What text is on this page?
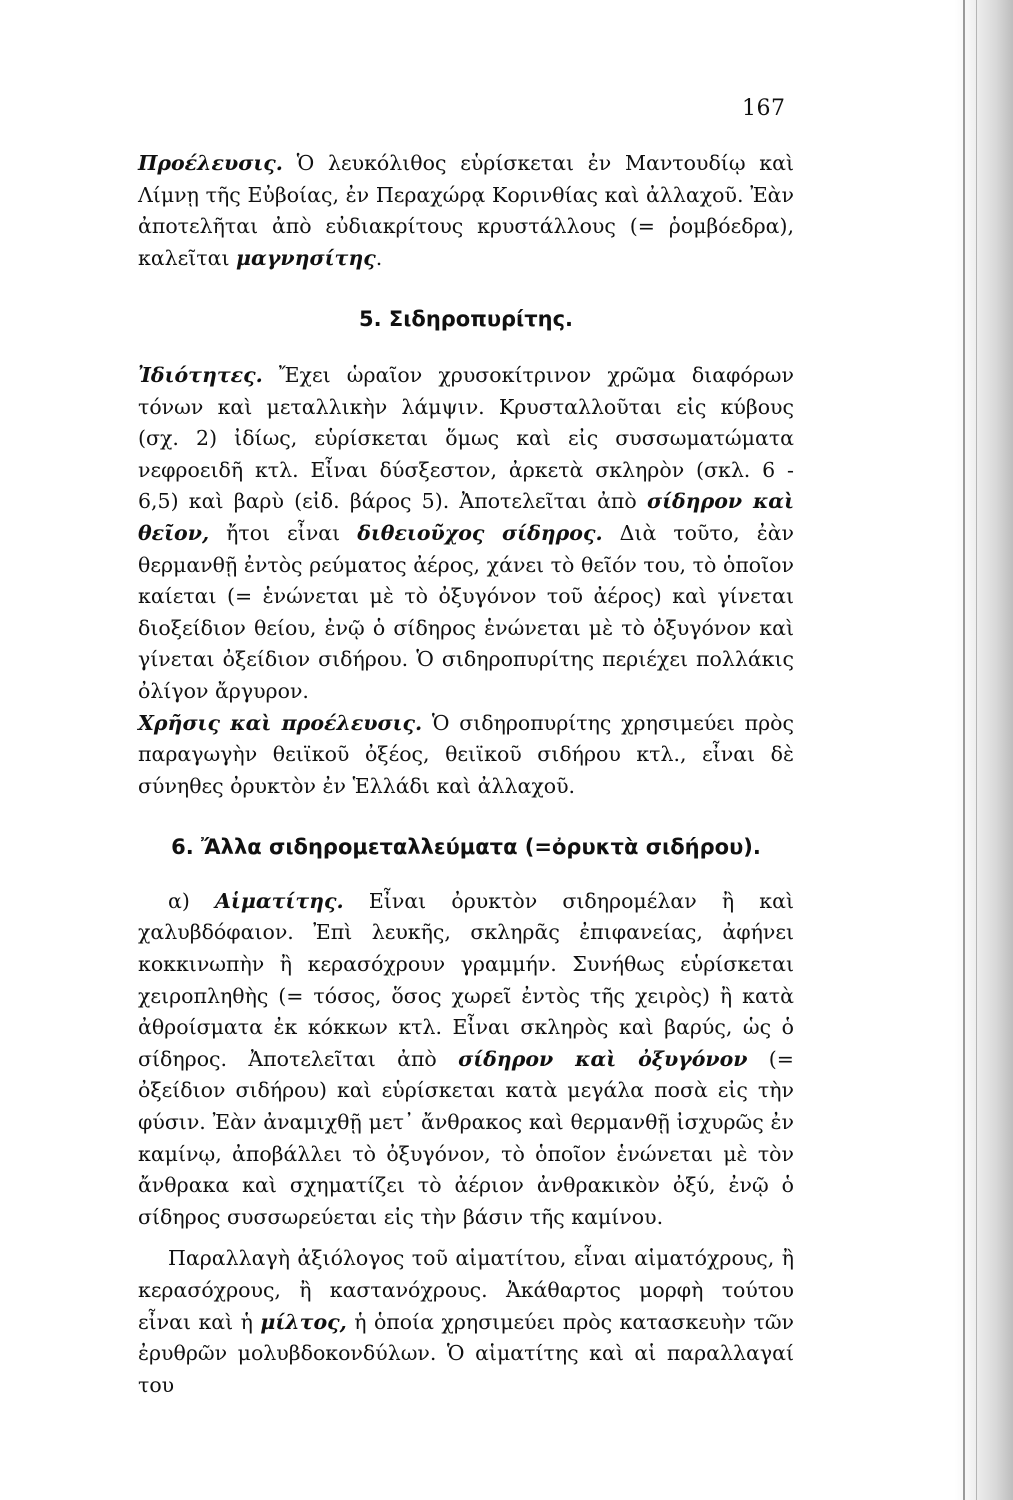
167

Προέλευσις. Ὁ λευκόλιθος εὑρίσκεται ἐν Μαντουδίῳ καὶ Λίμνῃ τῆς Εὐβοίας, ἐν Περαχώρᾳ Κορινθίας καὶ ἀλλαχοῦ. Ἐὰν ἀποτελῆται ἀπὸ εὐδιακρίτους κρυστάλλους (= ῥομβόεδρα), καλεῖται μαγνησίτης.

5. Σιδηροπυρίτης.

Ἰδιότητες. Ἔχει ὡραῖον χρυσοκίτρινον χρῶμα διαφόρων τόνων καὶ μεταλλικὴν λάμψιν. Κρυσταλλοῦται εἰς κύβους (σχ. 2) ἰδίως, εὑρίσκεται ὅμως καὶ εἰς συσσωματώματα νεφροειδῆ κτλ. Εἶναι δύσξεστον, ἀρκετὰ σκληρὸν (σκλ. 6 - 6,5) καὶ βαρὺ (εἰδ. βάρος 5). Ἀποτελεῖται ἀπὸ σίδηρον καὶ θεῖον, ἤτοι εἶναι διθειοῦχος σίδηρος. Διὰ τοῦτο, ἐὰν θερμανθῇ ἐντὸς ρεύματος ἀέρος, χάνει τὸ θεῖόν του, τὸ ὁποῖον καίεται (= ἑνώνεται μὲ τὸ ὀξυγόνον τοῦ ἀέρος) καὶ γίνεται διοξείδιον θείου, ἐνῷ ὁ σίδηρος ἑνώνεται μὲ τὸ ὀξυγόνον καὶ γίνεται ὀξείδιον σιδήρου. Ὁ σιδηροπυρίτης περιέχει πολλάκις ὀλίγον ἄργυρον.

Χρῆσις καὶ προέλευσις. Ὁ σιδηροπυρίτης χρησιμεύει πρὸς παραγωγὴν θειϊκοῦ ὀξέος, θειϊκοῦ σιδήρου κτλ., εἶναι δὲ σύνηθες ὀρυκτὸν ἐν Ἑλλάδι καὶ ἀλλαχοῦ.

6. Ἄλλα σιδηρομεταλλεύματα (=ὀρυκτὰ σιδήρου).

α) Αἱματίτης. Εἶναι ὀρυκτὸν σιδηρομέλαν ἢ καὶ χαλυβδόφαιον. Ἐπὶ λευκῆς, σκληρᾶς ἐπιφανείας, ἀφήνει κοκκινωπὴν ἢ κερασόχρουν γραμμήν. Συνήθως εὑρίσκεται χειροπληθὴς (= τόσος, ὅσος χωρεῖ ἐντὸς τῆς χειρὸς) ἢ κατὰ ἀθροίσματα ἐκ κόκκων κτλ. Εἶναι σκληρὸς καὶ βαρύς, ὡς ὁ σίδηρος. Ἀποτελεῖται ἀπὸ σίδηρον καὶ ὀξυγόνον (= ὀξείδιον σιδήρου) καὶ εὑρίσκεται κατὰ μεγάλα ποσὰ εἰς τὴν φύσιν. Ἐὰν ἀναμιχθῇ μετ᾽ ἄνθρακος καὶ θερμανθῇ ἰσχυρῶς ἐν καμίνῳ, ἀποβάλλει τὸ ὀξυγόνον, τὸ ὁποῖον ἑνώνεται μὲ τὸν ἄνθρακα καὶ σχηματίζει τὸ ἀέριον ἀνθρακικὸν ὀξύ, ἐνῷ ὁ σίδηρος συσσωρεύεται εἰς τὴν βάσιν τῆς καμίνου.

Παραλλαγὴ ἀξιόλογος τοῦ αἱματίτου, εἶναι αἱματόχρους, ἢ κερασόχρους, ἢ καστανόχρους. Ἀκάθαρτος μορφὴ τούτου εἶναι καὶ ἡ μίλτος, ἡ ὁποία χρησιμεύει πρὸς κατασκευὴν τῶν ἐρυθρῶν μολυβδοκονδύλων. Ὁ αἱματίτης καὶ αἱ παραλλαγαί του
